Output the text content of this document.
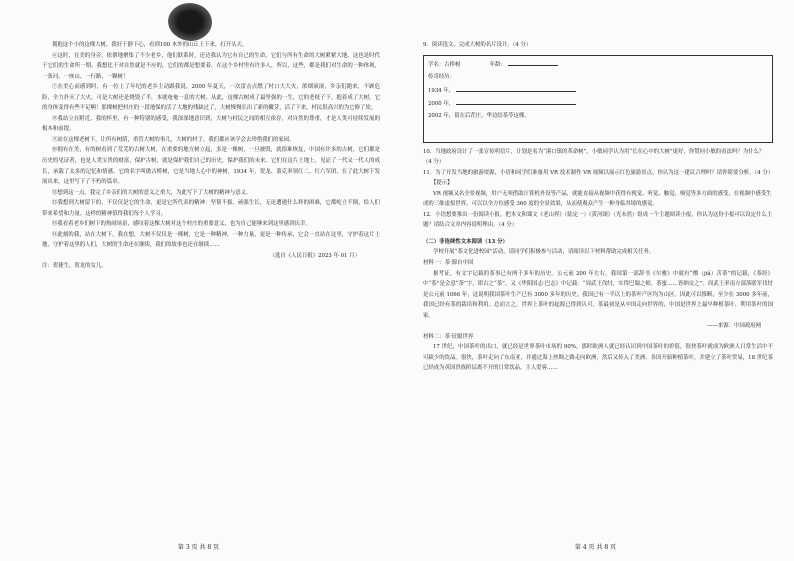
拥抱这个小的这棵大树，我好于静下心，看到100 木外的山丘上下来，打开头天。

⑥这时，在美的身旁，依偎地聚集了不少老乡，他们联系时，还边我认为它有自己的生命，它们与所有生命的大树紧紧大地，这也是时代于它们的生命所一期。我想比于对自然就是不应的，它们的都是想要着，在这个乡村里有许多人，所以，这些，都是我们对生命的一种体现，一条河、一座山、一行路、一颗树！

⑦在美心而感到时，有一位上了年纪的老乡主动跟我说，2000 年夏天，一次雷击点燃了村口大大火，浓烟滚滚，乡亲们跑来，不顾危险，全力扑灭了大火。可是大树还是烧毁了半，本就奄奄一息的大树，从此，这棵古树成了最坚强的一生，它的老枝子下，抱着成了大树，它的身体变得有些不足啊！那棵树把村庄的一段地保的活了大地的残缺过了，大树慢慢长出了新的嫩芽，活了下来，村民很高兴的为它修了坎。

⑧我站立在附近，我的怀里，有一种特别的感受，我深深地意识到，大树与村民之间的相互依存，对自然的尊重，才是人类可持续发展的根本和前提。

⑨站在这棵老树下，让所有树荫，重管大树的事儿，大树的村子，我们都应该学会去珍惜我们的家园。

⑩拥有在美，有的树看到了荒芜的古树大树，在重要的地方树立起，多是一棵树，一旦被毁，就很难恢复，中国有许多的古树，它们都是历史的见证者，也是人类宝贵的财富，保护古树，就是保护我们自己的历史，保护我们的未来。它们在这片土地上，见证了一代又一代人的成长，承载了太多的记忆和情感。它的名字叫做古桥树，它是当地人心中的神树，1934 年，贺龙、萧克率领红二、红六军团，在了此大树下发展出来，这里写下了不朽的篇章。

⑪想到这一点，我完了乡亲们的大树的意义之重大，为此写下了大树的精神与意义。

⑫我想到大树留下的，不仅仅是它的生命，更是它所代表的精神：坚韧不拔、顽强生长，无论遭遇什么样的困难，它都屹立不倒，给人们带来希望和力量。这样的精神值得我们每个人学习。

⑬我看着老乡们树下的热闹场景，感叹着这棵大树对这个村庄的重要意义，也为自己能够来到这里感到庆幸。

⑭此刻的我，站在大树下，我在想，大树不仅仅是一棵树，它是一种精神，一种力量，更是一种传承，它会一直站在这里，守护着这片土地，守护着这里的人们，大树的生命还在继续，我们的故事也还在继续……

（选自《人民日报》2023 年 01 月）

注：贺捷生，贺龙的女儿。

第 3 页 共 8 页

9．阅读选文，完成大树的名片设计。（4 分）

学名：古桥树	年龄：
传奇经历：
1934 年，
2000 年，
2002 年，留在后茬庄，华边结茶苓这棵。

10．当地政府设计了一张宣传明信片，计划是名为“溪口镇的革命树”，小敏同学认为用“长在心中的大树”更好，你赞同小敏的看法吗？为什么？（4 分）

11．为了开发当地的旅游资源，小语和同学们准备用 VR 技术制作 VR 视频以展示红色旅游景点，你认为这一建议合理吗？请你简要分析。（4 分）

【提示】

VR 视频又名全景视频，用户无须借助计算机外设等产品，就能直接从视频中获得有视觉、听觉、触觉、嗅觉等多方面的感受，在视频中感受生成的三维虚拟世界，可以以全方位感受 360 度的全景效果，从而使观众产生一种身临其境的感觉。

12．小语想要推出一份阅读小报，把本文和课文《老山界》（陆定一）《黄河颂》（光未然）组成一个主题阅读小报，你认为这份小报可以设定什么主题？请结合文章内容说明理由。（4 分）

（二）非连续性文本阅读（13 分）

学校开展“茶文化进校园”活动，请同学们积极参与活动，请阅读以下材料帮助完成相关任务。

材料一：茶·源自中国

据考证，有文字记载的茶事已有两千多年的历史。公元前 200 年左右，我国第一部辞书《尔雅》中就有“槚（jiǎ）苦茶”的记载，《茶经》中“茶”是会意“荼”字，即古之“茶”。又《华阳国志·巴志》中记载：“周武王伐纣，实得巴蜀之师，茶蜜……皆纳贡之”。周武王率南方部落联军伐纣是公元前 1066 年，这说明我国茶叶生产已有 3000 多年的历史。我国已有一半以上的茶叶产区均为山区。因此可以推断，至少在 3000 多年前，我国已经有茶的栽培和利用。总而言之，世界上茶叶的起源已得到认可，茶最初是从中国走向世界的，中国是世界上最早种植茶叶、利用茶叶的国家。

——来源：中国政府网

材料二：茶·征服世界

17 世纪，中国茶叶的出口，就已经是世界茶叶市场的 90%，那时欧洲人就已经认识到中国茶叶的价值，很快茶叶就成为欧洲人日常生活中不可缺少的饮品。很快，茶叶走向了东南亚，并通过海上丝绸之路走向欧洲，然后又传入了美洲。各国开始种植茶叶，并建立了茶叶贸易，18 世纪茶已经成为英国贵族阶层离不开的日常饮品，主人爱客……

第 4 页 共 8 页
